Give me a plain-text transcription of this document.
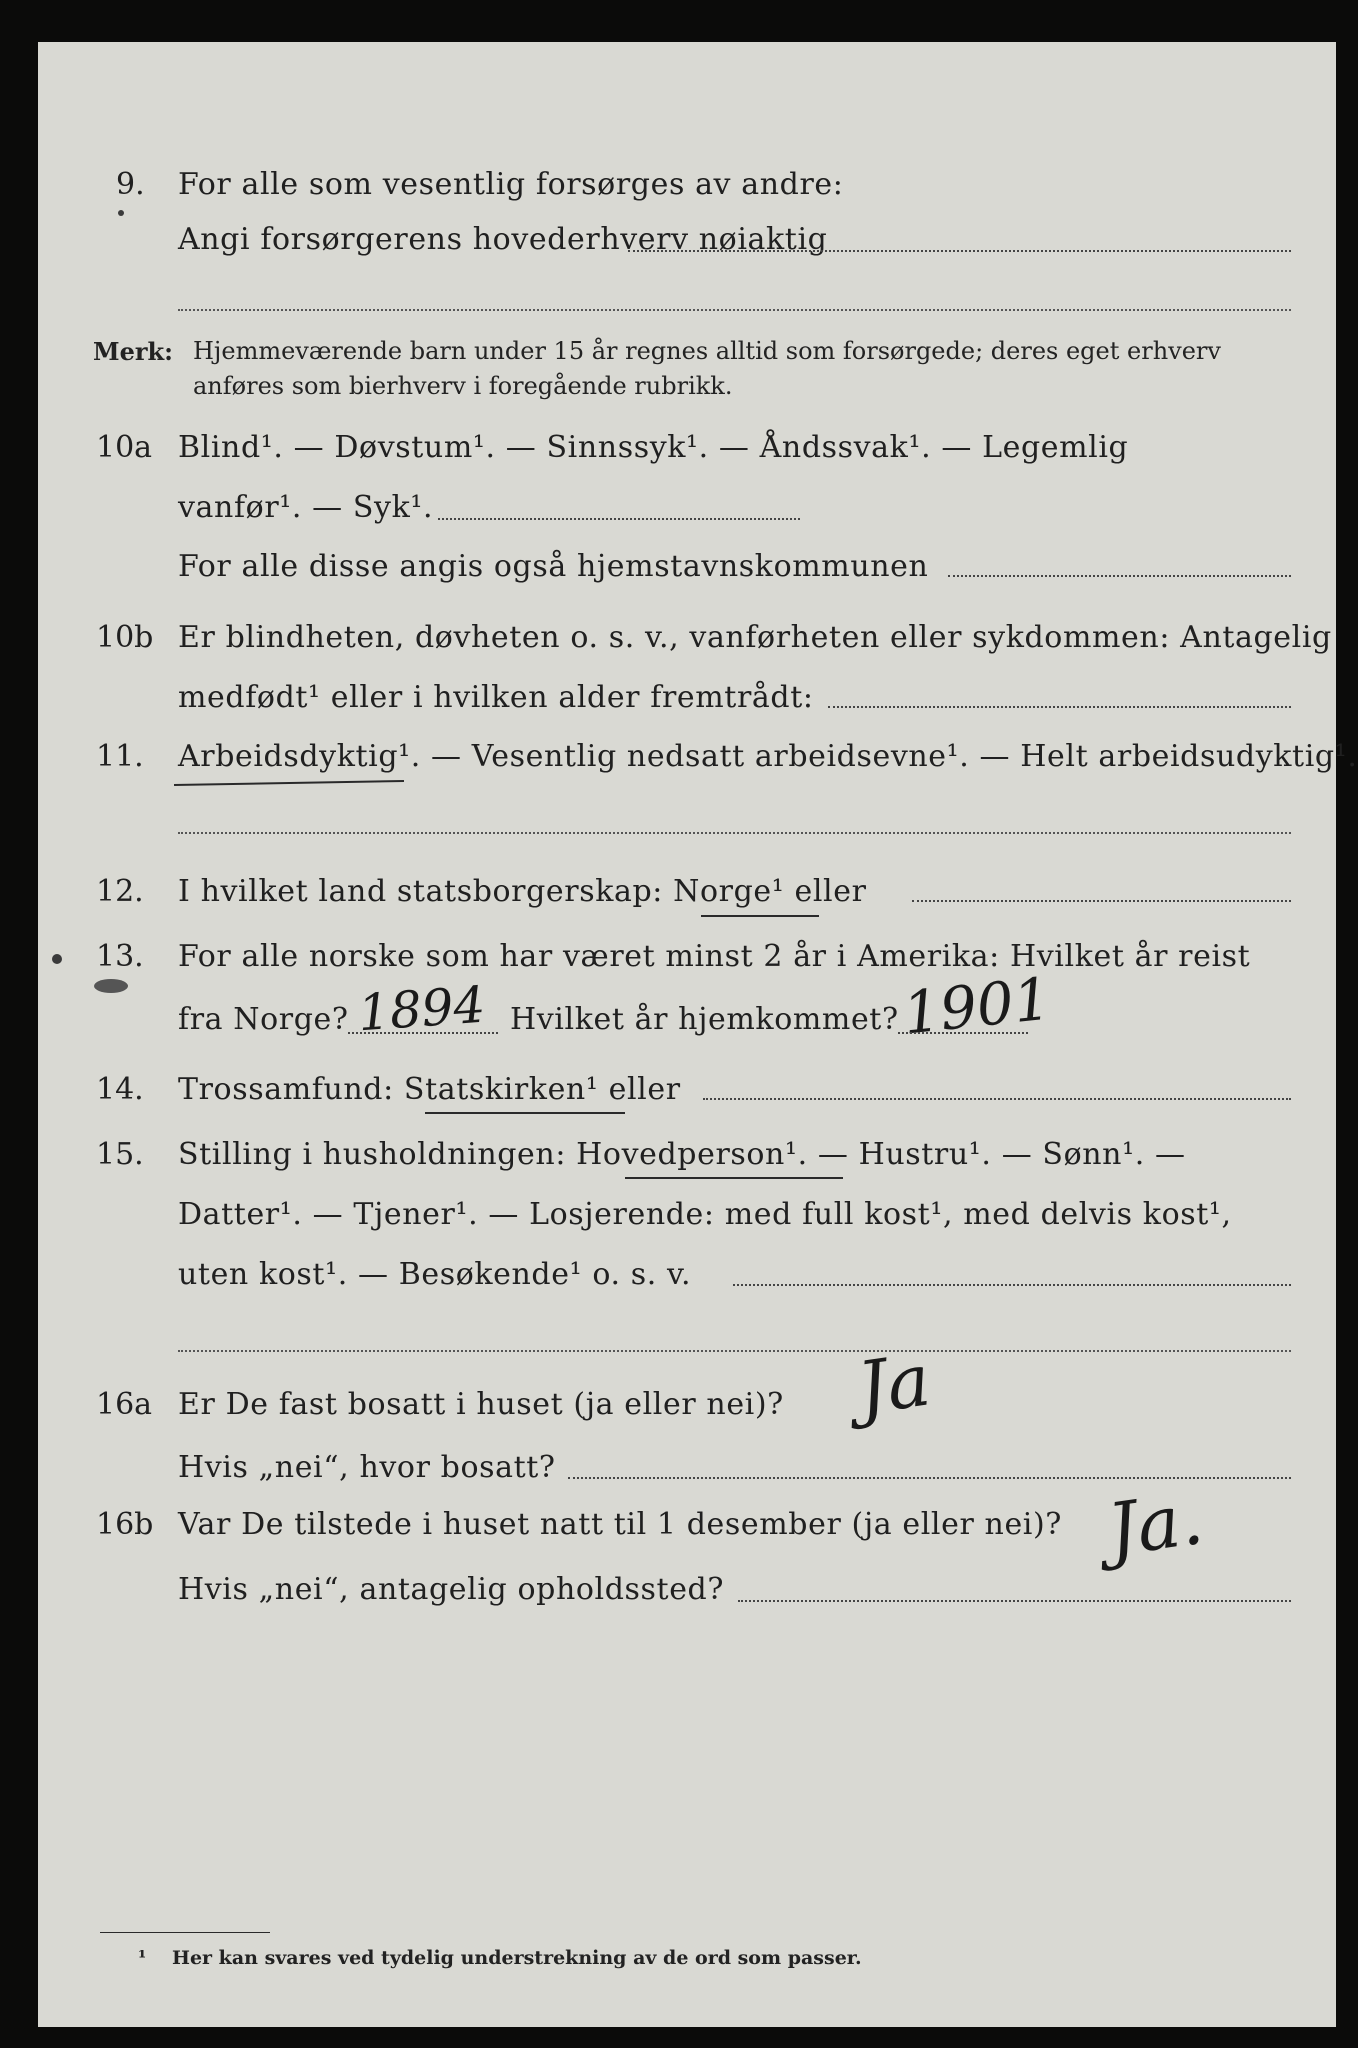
9. For alle som vesentlig forsørges av andre:
Angi forsørgerens hovederhverv nøiaktig
Merk: Hjemmeværende barn under 15 år regnes alltid som forsørgede; deres eget erhverv
anføres som bierhverv i foregående rubrikk.
10a Blind¹. — Døvstum¹. — Sinnssyk¹. — Åndssvak¹. — Legemlig
vanfør¹. — Syk¹.
For alle disse angis også hjemstavnskommunen
10b Er blindheten, døvheten o. s. v., vanførheten eller sykdommen: Antagelig
medfødt¹ eller i hvilken alder fremtrådt:
11. Arbeidsdyktig¹. — Vesentlig nedsatt arbeidsevne¹. — Helt arbeidsudyktig¹.
12. I hvilket land statsborgerskap: Norge¹ eller
13. For alle norske som har været minst 2 år i Amerika: Hvilket år reist
fra Norge? 1894 Hvilket år hjemkommet? 1901
14. Trossamfund: Statskirken¹ eller
15. Stilling i husholdningen: Hovedperson¹. — Hustru¹. — Sønn¹. —
Datter¹. — Tjener¹. — Losjerende: med full kost¹, med delvis kost¹,
uten kost¹. — Besøkende¹ o. s. v.
16a Er De fast bosatt i huset (ja eller nei)? Ja
Hvis „nei“, hvor bosatt?
16b Var De tilstede i huset natt til 1 desember (ja eller nei)? Ja.
Hvis „nei“, antagelig opholdssted?
¹ Her kan svares ved tydelig understrekning av de ord som passer.
